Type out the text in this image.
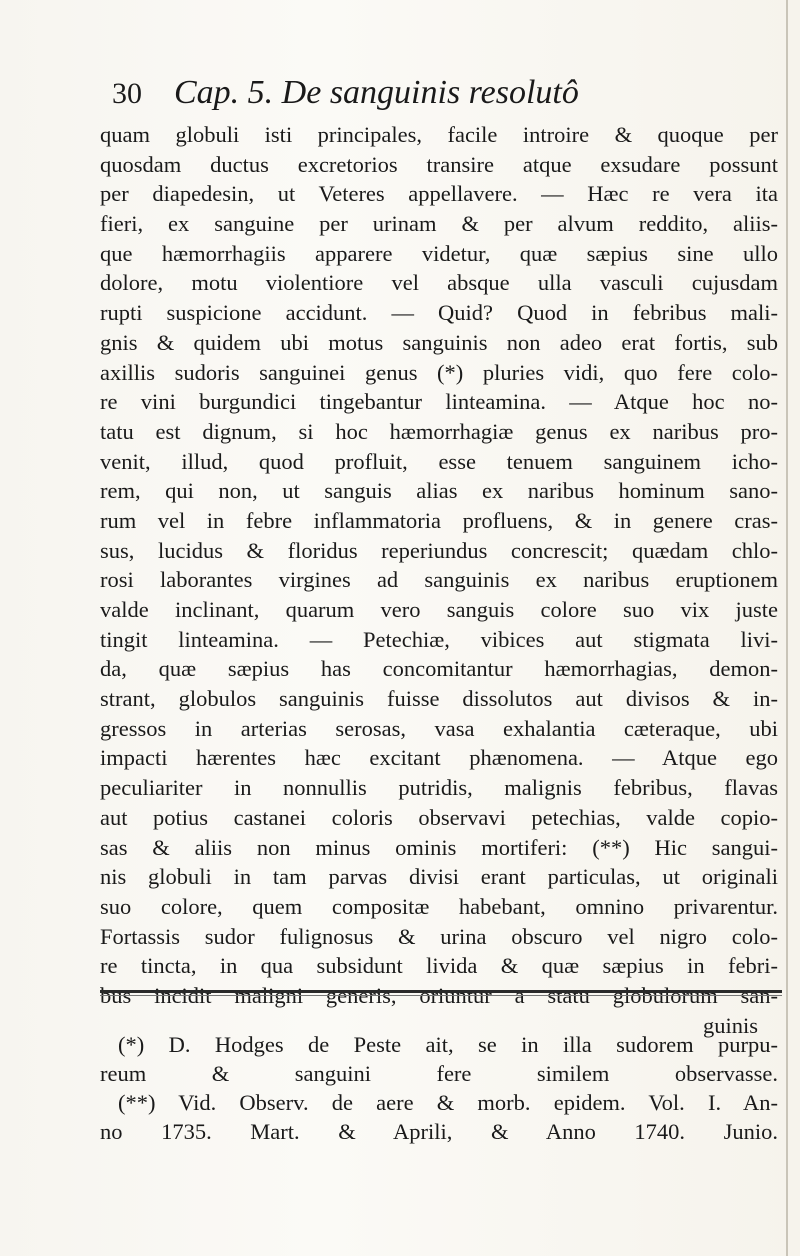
30 Cap. 5. De sanguinis resolutô
quam globuli isti principales, facile introire & quoque per
quosdam ductus excretorios transire atque exsudare possunt
per diapedesin, ut Veteres appellavere. — Hæc re vera ita
fieri, ex sanguine per urinam & per alvum reddito, aliis-
que hæmorrhagiis apparere videtur, quæ sæpius sine ullo
dolore, motu violentiore vel absque ulla vasculi cujusdam
rupti suspicione accidunt. — Quid? Quod in febribus mali-
gnis & quidem ubi motus sanguinis non adeo erat fortis, sub
axillis sudoris sanguinei genus (*) pluries vidi, quo fere colo-
re vini burgundici tingebantur linteamina. — Atque hoc no-
tatu est dignum, si hoc hæmorrhagiæ genus ex naribus pro-
venit, illud, quod profluit, esse tenuem sanguinem icho-
rem, qui non, ut sanguis alias ex naribus hominum sano-
rum vel in febre inflammatoria profluens, & in genere cras-
sus, lucidus & floridus reperiundus concrescit; quædam chlo-
rosi laborantes virgines ad sanguinis ex naribus eruptionem
valde inclinant, quarum vero sanguis colore suo vix juste
tingit linteamina. — Petechiæ, vibices aut stigmata livi-
da, quæ sæpius has concomitantur hæmorrhagias, demon-
strant, globulos sanguinis fuisse dissolutos aut divisos & in-
gressos in arterias serosas, vasa exhalantia cæteraque, ubi
impacti hærentes hæc excitant phænomena. — Atque ego
peculiariter in nonnullis putridis, malignis febribus, flavas
aut potius castanei coloris observavi petechias, valde copio-
sas & aliis non minus ominis mortiferi: (**) Hic sangui-
nis globuli in tam parvas divisi erant particulas, ut originali
suo colore, quem compositæ habebant, omnino privarentur.
Fortassis sudor fulignosus & urina obscuro vel nigro colo-
re tincta, in qua subsidunt livida & quæ sæpius in febri-
guinis
(*) D. Hodges de Peste ait, se in illa sudorem purpu-
reum & sanguini fere similem observasse.
(**) Vid. Observ. de aere & morb. epidem. Vol. I. An-
no 1735. Mart. & Aprili, & Anno 1740. Junio.
